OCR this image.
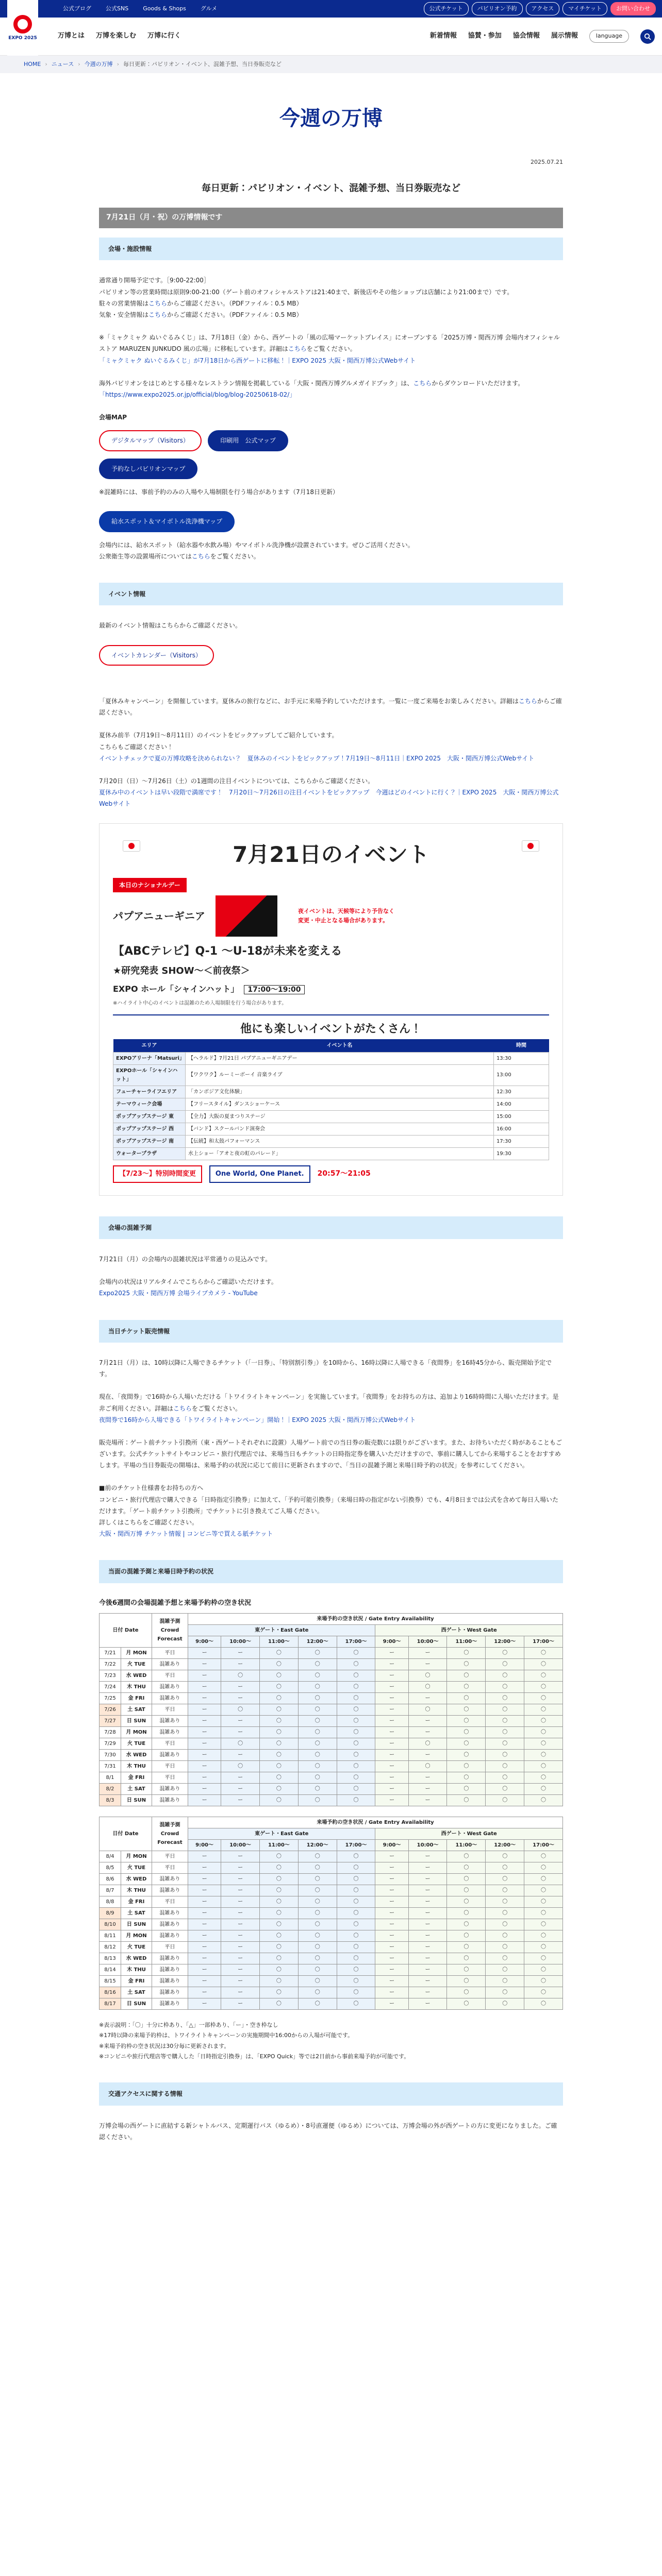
公式ブログ	公式SNS	Goods & Shops	グルメ	公式チケット	パビリオン予約	アクセス	マイチケット	お問い合わせ
EXPO 2025	万博とは 万博を楽しむ 万博に行く	新着情報 協賛・参加 協会情報 展示情報	language
HOME › ニュース › 今週の万博 › 毎日更新：パビリオン・イベント、混雑予想、当日券販売など
今週の万博
2025.07.21
毎日更新：パビリオン・イベント、混雑予想、当日券販売など
7月21日（月・祝）の万博情報です
会場・施設情報

通常通り開場予定です。［9:00-22:00］

パビリオン等の営業時間は原則9:00-21:00（ゲート前のオフィシャルストアは21:40まで、新後店やその他ショップは店舗により21:00まで）です。

駐々の営業情報はこちらからご確認ください。（PDFファイル：0.5 MB）

気象・安全情報はこちらからご確認ください。（PDFファイル：0.5 MB）

※「ミャクミャク ぬいぐるみくじ」は、7月18日（金）から、西ゲートの「風の広場マーケットプレイス」にオープンする「2025万博・関西万博 会場内オフィシャルストア MARUZEN JUNKUDO 風の広場」に移転しています。詳細はこちらをご覧ください。
「ミャクミャク ぬいぐるみくじ」が7月18日から西ゲートに移転！｜EXPO 2025 大阪・関西万博公式Webサイト

海外パビリオンをはじめとする様々なレストラン情報を掲載している「大阪・関西万博グルメガイドブック」は、こちらからダウンロードいただけます。
「https://www.expo2025.or.jp/official/blog/blog-20250618-02/」

会場MAP

デジタルマップ（Visitors）	印刷用　公式マップ
予約なしパビリオンマップ

※混雑時には、事前予約のみの入場や入場制限を行う場合があります（7月18日更新）

給水スポット＆マイボトル洗浄機マップ

会場内には、給水スポット（給水器や水飲み場）やマイボトル洗浄機が設置されています。ぜひご活用ください。

公衆衛生等の設置場所についてはこちらをご覧ください。

イベント情報

最新のイベント情報はこちらからご確認ください。

イベントカレンダー（Visitors）

「夏休みキャンペーン」を開催しています。夏休みの旅行などに、お手元に来場予約していただけます。一覧に一度ご来場をお楽しみください。詳細はこちらからご確認ください。

夏休み前半（7月19日〜8月11日）のイベントをピックアップしてご紹介しています。
こちらもご確認ください！
イベントチェックで夏の万博攻略を決められない？　夏休みのイベントをピックアップ！7月19日〜8月11日｜EXPO 2025　大阪・関西万博公式Webサイト

7月20日（日）〜7月26日（土）の1週間の注目イベントについては、こちらからご確認ください。
夏休み中のイベントは早い段階で満席です！　7月20日〜7月26日の注目イベントをピックアップ　今週はどのイベントに行く？｜EXPO 2025　大阪・関西万博公式Webサイト

7月21日のイベント
本日のナショナルデー
パプアニューギニア	夜イベントは、天候等により予告なく
変更・中止となる場合があります。
【ABCテレビ】Q-1 〜U-18が未来を変える
★研究発表 SHOW〜＜前夜祭＞
EXPO ホール「シャインハット」 17:00〜19:00
※ハイライト中心のイベントは混雑のため入場制限を行う場合があります。
他にも楽しいイベントがたくさん！
エリア	イベント名	時間
EXPOアリーナ「Matsuri」	【ヘラルド】7月21日 パプアニューギニアデー	13:30
EXPOホール「シャインハット」	【ワクワク】ルーミーボーイ 音楽ライブ	13:00
フューチャーライフエリア	「カンボジア文化体験」	12:30
テーマウィーク会場	【フリースタイル】ダンスショーケース	14:00
ポップアップステージ 東	【全力】大阪の夏まつりステージ	15:00
ポップアップステージ 西	【バンド】スクールバンド演奏会	16:00
ポップアップステージ 南	【伝統】和太鼓パフォーマンス	17:30
ウォータープラザ	水上ショー「アオと夜の虹のパレード」	19:30
【7/23〜】特別時間変更	One World, One Planet.	20:57〜21:05
会場の混雑予測

7月21日（月）の会場内の混雑状況は平常通りの見込みです。

会場内の状況はリアルタイムでこちらからご確認いただけます。
Expo2025 大阪・関西万博 会場ライブカメラ - YouTube

当日チケット販売情報

7月21日（月）は、10時以降に入場できるチケット（「一日券」、「特別割引券」）を10時から、16時以降に入場できる「夜間券」を16時45分から、販売開始予定です。

現在、「夜間券」で16時から入場いただける「トワイライトキャンペーン」を実施しています。「夜間券」をお持ちの方は、追加より16時時間に入場いただけます。是非ご利用ください。詳細はこちらをご覧ください。
夜間券で16時から入場できる「トワイライトキャンペーン」開始！｜EXPO 2025 大阪・関西万博公式Webサイト

販売場所：ゲート前チケット引換所（東・西ゲートそれぞれに設置）入場ゲート前での当日券の販売数には限りがございます。また、お待ちいただく時があることもございます。公式チケットサイトやコンビニ・旅行代理店では、来場当日もチケットの日時指定券を購入いただけますので、事前に購入してから来場することをおすすめします。平場の当日券販売の開場は、来場予約の状況に応じて前日に更新されますので、「当日の混雑予測と来場日時予約の状況」を参考にしてください。

■前のチケット仕様書をお持ちの方へ
コンビニ・旅行代理店で購入できる「日時指定引換券」に加えて、「予約可能引換券」（来場日時の指定がない引換券）でも、4月8日までは公式を含めて毎日入場いただけます。「ゲート前チケット引換所」でチケットに引き換えてご入場ください。
詳しくはこちらをご確認ください。
大阪・関西万博 チケット情報 | コンビニ等で買える紙チケット

当面の混雑予測と来場日時予約の状況
今後6週間の会場混雑予想と来場予約枠の空き状況
日付 Date		混雑予測 Crowd Forecast	来場予約の空き状況 / Gate Entry Availability									
			東ゲート・East Gate					西ゲート・West Gate				
			9:00〜	10:00〜	11:00〜	12:00〜	17:00〜	9:00〜	10:00〜	11:00〜	12:00〜	17:00〜
7/21	月 MON	平日	ー	ー	〇	〇	〇	ー	ー	〇	〇	〇
7/22	火 TUE	混雑あり	ー	ー	〇	〇	〇	ー	ー	〇	〇	〇
7/23	水 WED	平日	ー	〇	〇	〇	〇	ー	〇	〇	〇	〇
7/24	木 THU	混雑あり	ー	ー	〇	〇	〇	ー	〇	〇	〇	〇
7/25	金 FRI	混雑あり	ー	ー	〇	〇	〇	ー	ー	〇	〇	〇
7/26	土 SAT	平日	ー	〇	〇	〇	〇	ー	〇	〇	〇	〇
7/27	日 SUN	混雑あり	ー	ー	〇	〇	〇	ー	ー	〇	〇	〇
7/28	月 MON	混雑あり	ー	ー	〇	〇	〇	ー	ー	〇	〇	〇
7/29	火 TUE	平日	ー	〇	〇	〇	〇	ー	〇	〇	〇	〇
7/30	水 WED	混雑あり	ー	ー	〇	〇	〇	ー	ー	〇	〇	〇
7/31	木 THU	平日	ー	〇	〇	〇	〇	ー	〇	〇	〇	〇
8/1	金 FRI	平日	ー	ー	〇	〇	〇	ー	ー	〇	〇	〇
8/2	土 SAT	混雑あり	ー	ー	〇	〇	〇	ー	ー	〇	〇	〇
8/3	日 SUN	混雑あり	ー	ー	〇	〇	〇	ー	ー	〇	〇	〇
日付 Date		混雑予測 Crowd Forecast	来場予約の空き状況 / Gate Entry Availability									
			東ゲート・East Gate					西ゲート・West Gate				
			9:00〜	10:00〜	11:00〜	12:00〜	17:00〜	9:00〜	10:00〜	11:00〜	12:00〜	17:00〜
8/4	月 MON	平日	ー	ー	〇	〇	〇	ー	ー	〇	〇	〇
8/5	火 TUE	平日	ー	ー	〇	〇	〇	ー	ー	〇	〇	〇
8/6	水 WED	混雑あり	ー	ー	〇	〇	〇	ー	ー	〇	〇	〇
8/7	木 THU	混雑あり	ー	ー	〇	〇	〇	ー	ー	〇	〇	〇
8/8	金 FRI	平日	ー	ー	〇	〇	〇	ー	ー	〇	〇	〇
8/9	土 SAT	混雑あり	ー	ー	〇	〇	〇	ー	ー	〇	〇	〇
8/10	日 SUN	混雑あり	ー	ー	〇	〇	〇	ー	ー	〇	〇	〇
8/11	月 MON	混雑あり	ー	ー	〇	〇	〇	ー	ー	〇	〇	〇
8/12	火 TUE	平日	ー	ー	〇	〇	〇	ー	ー	〇	〇	〇
8/13	水 WED	混雑あり	ー	ー	〇	〇	〇	ー	ー	〇	〇	〇
8/14	木 THU	混雑あり	ー	ー	〇	〇	〇	ー	ー	〇	〇	〇
8/15	金 FRI	混雑あり	ー	ー	〇	〇	〇	ー	ー	〇	〇	〇
8/16	土 SAT	混雑あり	ー	ー	〇	〇	〇	ー	ー	〇	〇	〇
8/17	日 SUN	混雑あり	ー	ー	〇	〇	〇	ー	ー	〇	〇	〇

※表示説明：「〇」十分に枠あり、「△」一部枠あり、「ー」・空き枠なし

※17時以降の来場予約枠は、トワイライトキャンペーンの実施期間中16:00からの入場が可能です。

※来場予約枠の空き状況は30分毎に更新されます。

※コンビニや旅行代理店等で購入した「日時指定引換券」は、「EXPO Quick」等では2日前から事前来場予約が可能です。

交通アクセスに関する情報

万博会場の西ゲートに直結する新シャトルバス、定期運行バス（ゆるめ）・8号直運便（ゆるめ）については、万博会場の外が西ゲートの方に変更になりました。ご確認ください。
